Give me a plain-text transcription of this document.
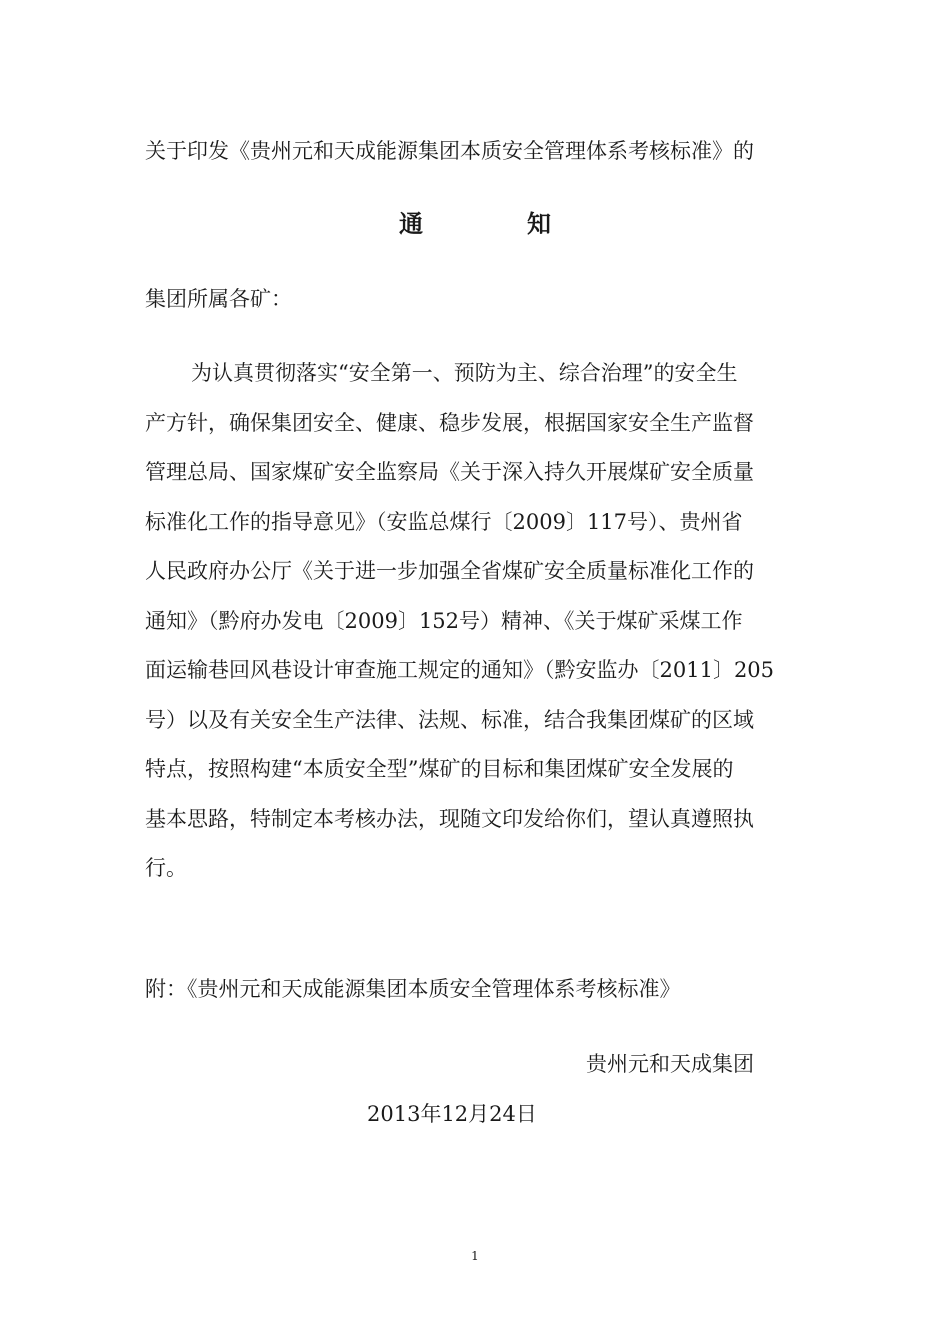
关于印发《贵州元和天成能源集团本质安全管理体系考核标准》的
通	知
集团所属各矿：
为认真贯彻落实“安全第一、预防为主、综合治理”的安全生
产方针，确保集团安全、健康、稳步发展，根据国家安全生产监督
管理总局、国家煤矿安全监察局《关于深入持久开展煤矿安全质量
标准化工作的指导意见》（安监总煤行〔2009〕117号）、贵州省
人民政府办公厅《关于进一步加强全省煤矿安全质量标准化工作的
通知》（黔府办发电〔2009〕152号）精神、《关于煤矿采煤工作
面运输巷回风巷设计审查施工规定的通知》（黔安监办〔2011〕205
号）以及有关安全生产法律、法规、标准，结合我集团煤矿的区域
特点，按照构建“本质安全型”煤矿的目标和集团煤矿安全发展的
基本思路，特制定本考核办法，现随文印发给你们，望认真遵照执
行。
附：《贵州元和天成能源集团本质安全管理体系考核标准》
贵州元和天成集团
2013年12月24日
1
